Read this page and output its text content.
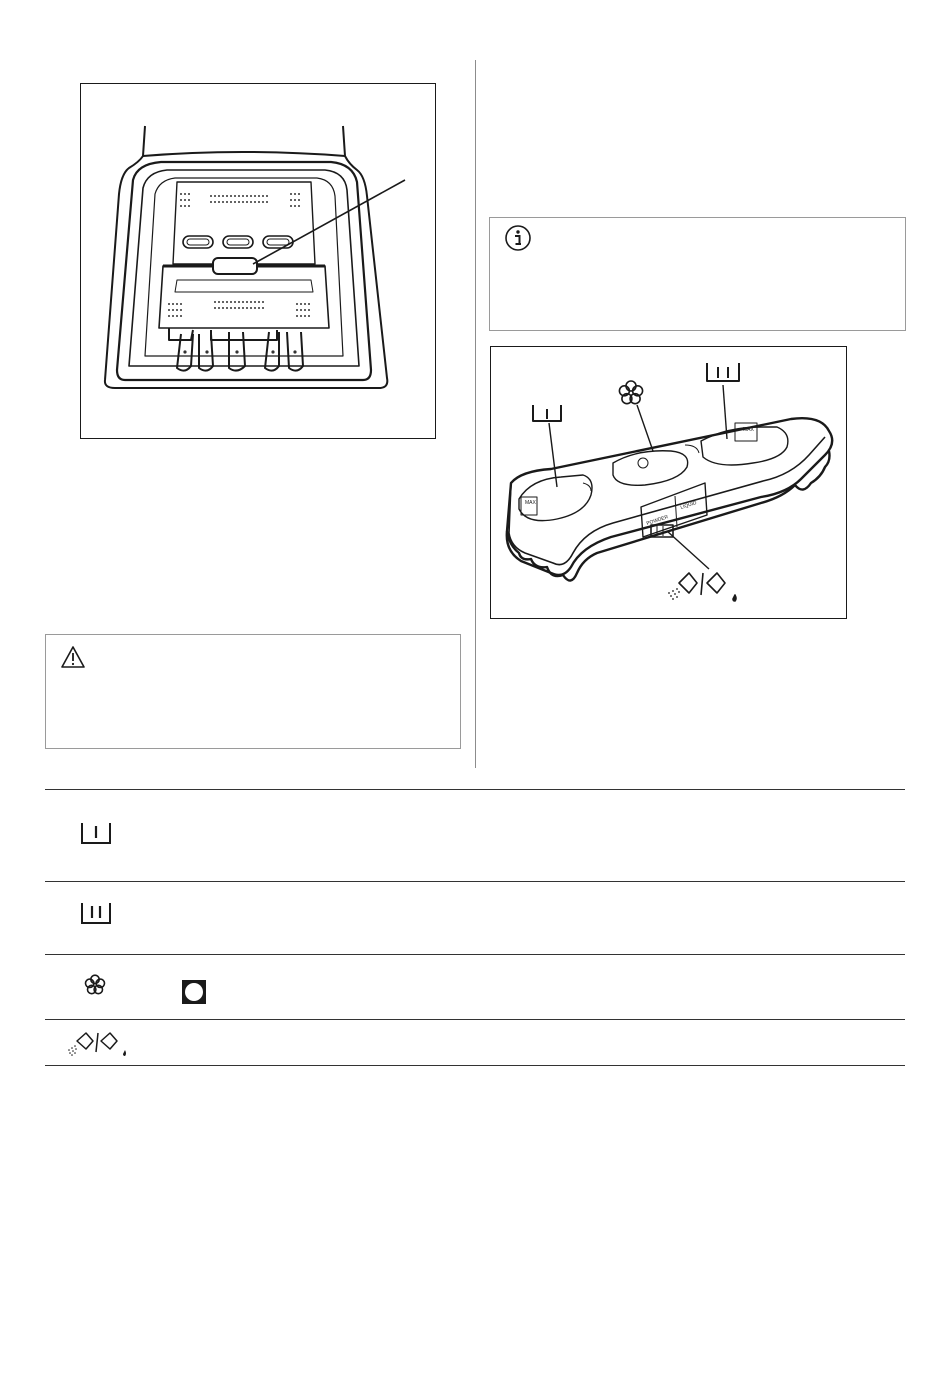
MAX
MAX
POWDER
LIQUID
